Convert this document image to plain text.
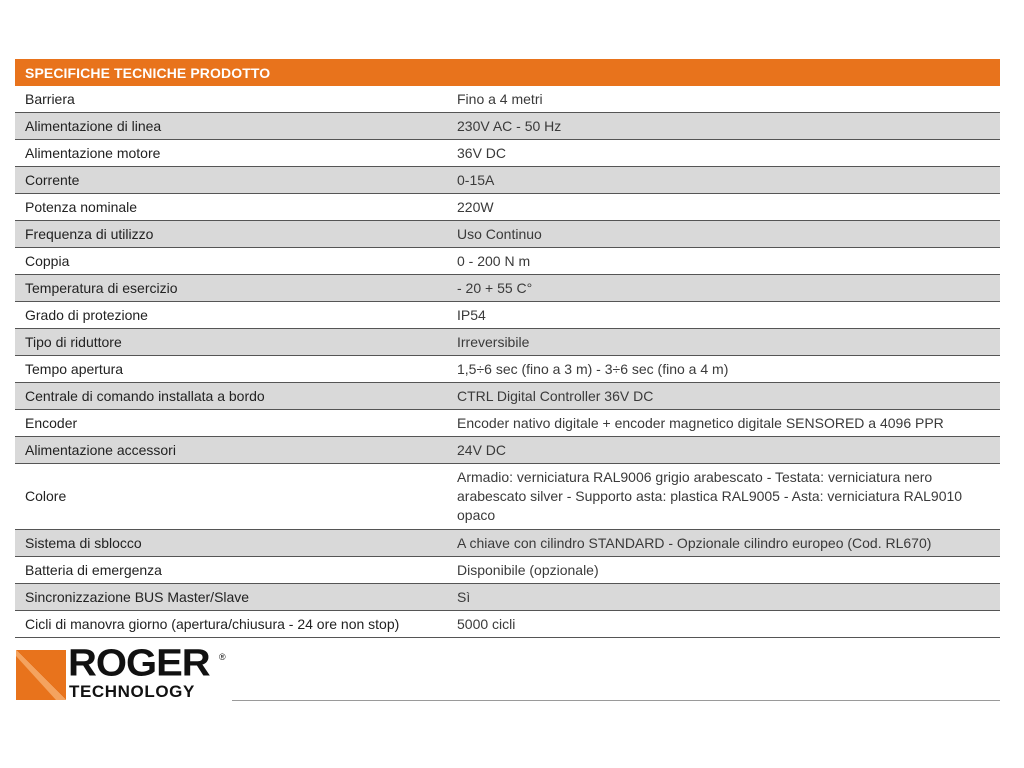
SPECIFICHE TECNICHE PRODOTTO	
Barriera	Fino a 4 metri
Alimentazione di linea	230V AC - 50 Hz
Alimentazione motore	36V DC
Corrente	0-15A
Potenza nominale	220W
Frequenza di utilizzo	Uso Continuo
Coppia	0 - 200 N m
Temperatura di esercizio	- 20 + 55 C°
Grado di protezione	IP54
Tipo di riduttore	Irreversibile
Tempo apertura	1,5÷6 sec (fino a 3 m) - 3÷6 sec (fino a 4 m)
Centrale di comando installata a bordo	CTRL Digital Controller 36V DC
Encoder	Encoder nativo digitale + encoder magnetico digitale SENSORED a 4096 PPR
Alimentazione accessori	24V DC
Colore	Armadio: verniciatura RAL9006 grigio arabescato - Testata: verniciatura nero arabescato silver - Supporto asta: plastica RAL9005 - Asta: verniciatura RAL9010 opaco
Sistema di sblocco	A chiave con cilindro STANDARD - Opzionale cilindro europeo (Cod. RL670)
Batteria di emergenza	Disponibile (opzionale)
Sincronizzazione BUS Master/Slave	Sì
Cicli di manovra giorno (apertura/chiusura - 24 ore non stop)	5000 cicli
ROGER ®
TECHNOLOGY
